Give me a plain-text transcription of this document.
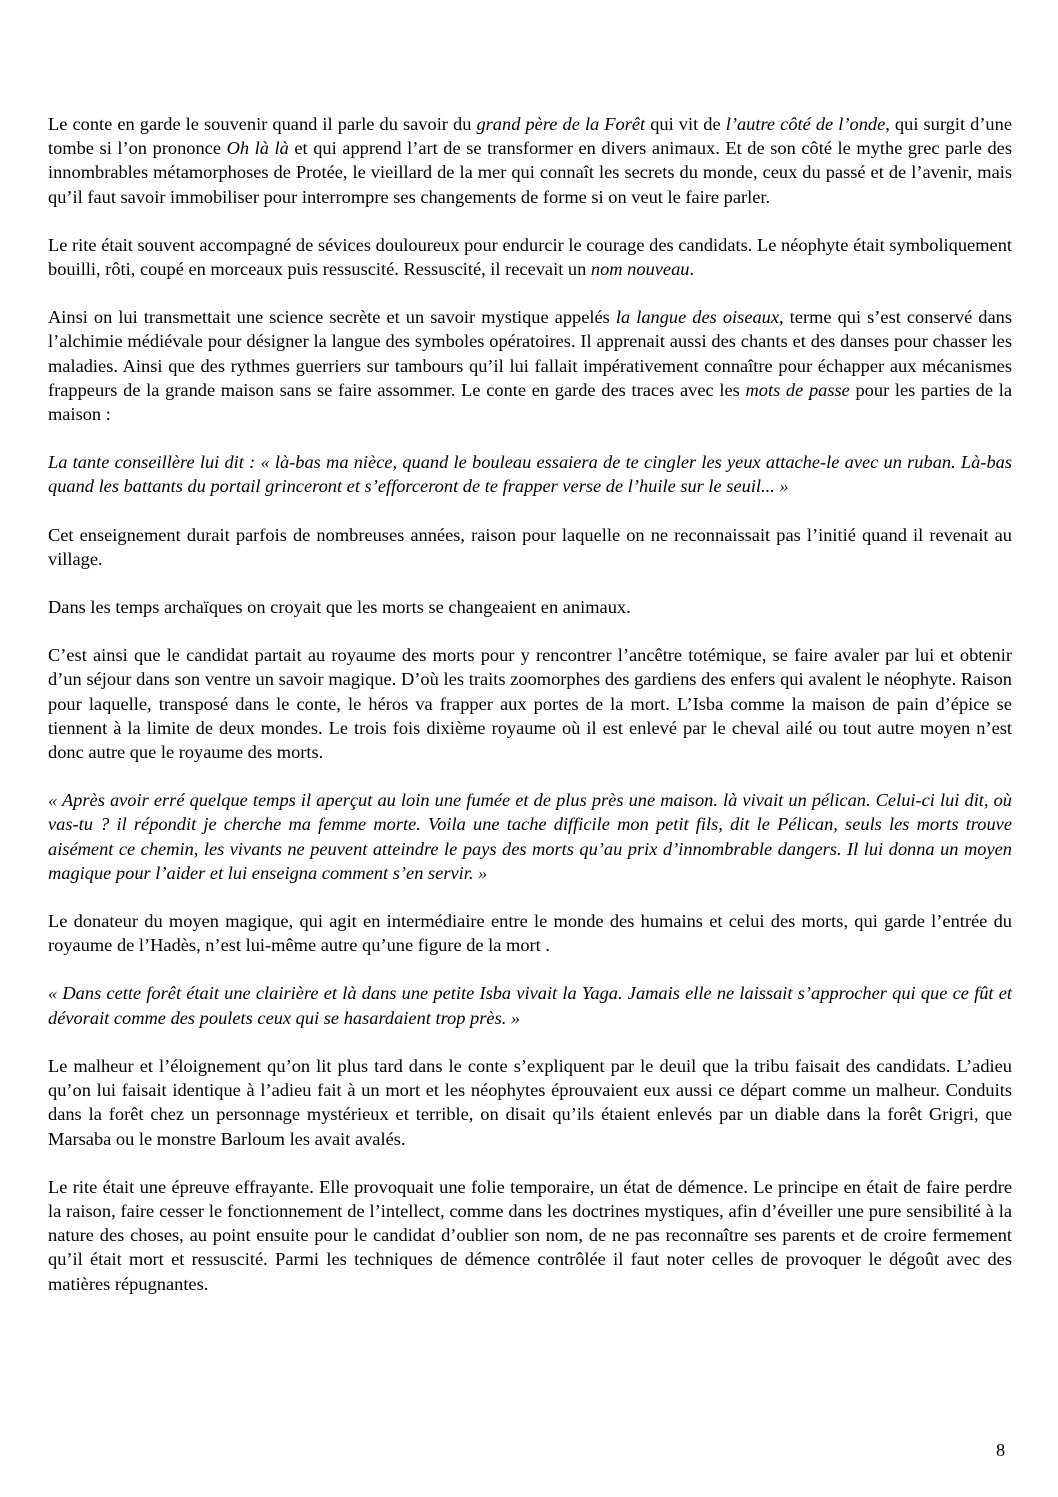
Le conte en garde le souvenir quand il parle du savoir du grand père de la Forêt qui vit de l’autre côté de l’onde, qui surgit d’une tombe si l’on prononce Oh là là et qui apprend l’art de se transformer en divers animaux. Et de son côté le mythe grec parle des innombrables métamorphoses de Protée, le vieillard de la mer qui connaît les secrets du monde, ceux du passé et de l’avenir, mais qu’il faut savoir immobiliser pour interrompre ses changements de forme si on veut le faire parler.

Le rite était souvent accompagné de sévices douloureux pour endurcir le courage des candidats. Le néophyte était symboliquement bouilli, rôti, coupé en morceaux puis ressuscité. Ressuscité, il recevait un nom nouveau.

Ainsi on lui transmettait une science secrète et un savoir mystique appelés la langue des oiseaux, terme qui s’est conservé dans l’alchimie médiévale pour désigner la langue des symboles opératoires. Il apprenait aussi des chants et des danses pour chasser les maladies. Ainsi que des rythmes guerriers sur tambours qu’il lui fallait impérativement connaître pour échapper aux mécanismes frappeurs de la grande maison sans se faire assommer. Le conte en garde des traces avec les mots de passe pour les parties de la maison :

La tante conseillère lui dit : « là-bas ma nièce, quand le bouleau essaiera de te cingler les yeux attache-le avec un ruban. Là-bas quand les battants du portail grinceront et s’efforceront de te frapper verse de l’huile sur le seuil... »

Cet enseignement durait parfois de nombreuses années, raison pour laquelle on ne reconnaissait pas l’initié quand il revenait au village.

Dans les temps archaïques on croyait que les morts se changeaient en animaux.

C’est ainsi que le candidat partait au royaume des morts pour y rencontrer l’ancêtre totémique, se faire avaler par lui et obtenir d’un séjour dans son ventre un savoir magique. D’où les traits zoomorphes des gardiens des enfers qui avalent le néophyte. Raison pour laquelle, transposé dans le conte, le héros va frapper aux portes de la mort. L’Isba comme la maison de pain d’épice se tiennent à la limite de deux mondes. Le trois fois dixième royaume où il est enlevé par le cheval ailé ou tout autre moyen n’est donc autre que le royaume des morts.

« Après avoir erré quelque temps il aperçut au loin une fumée et de plus près une maison. là vivait un pélican. Celui-ci lui dit, où vas-tu ? il répondit je cherche ma femme morte. Voila une tache difficile mon petit fils, dit le Pélican, seuls les morts trouve aisément ce chemin, les vivants ne peuvent atteindre le pays des morts qu’au prix d’innombrable dangers. Il lui donna un moyen magique pour l’aider et lui enseigna comment s’en servir. »

Le donateur du moyen magique, qui agit en intermédiaire entre le monde des humains et celui des morts, qui garde l’entrée du royaume de l’Hadès, n’est lui-même autre qu’une figure de la mort .

« Dans cette forêt était une clairière et là dans une petite Isba vivait la Yaga. Jamais elle ne laissait s’approcher qui que ce fût et dévorait comme des poulets ceux qui se hasardaient trop près. »

Le malheur et l’éloignement qu’on lit plus tard dans le conte s’expliquent par le deuil que la tribu faisait des candidats. L’adieu qu’on lui faisait identique à l’adieu fait à un mort et les néophytes éprouvaient eux aussi ce départ comme un malheur. Conduits dans la forêt chez un personnage mystérieux et terrible, on disait qu’ils étaient enlevés par un diable dans la forêt Grigri, que Marsaba ou le monstre Barloum les avait avalés.

Le rite était une épreuve effrayante. Elle provoquait une folie temporaire, un état de démence. Le principe en était de faire perdre la raison, faire cesser le fonctionnement de l’intellect, comme dans les doctrines mystiques, afin d’éveiller une pure sensibilité à la nature des choses, au point ensuite pour le candidat d’oublier son nom, de ne pas reconnaître ses parents et de croire fermement qu’il était mort et ressuscité. Parmi les techniques de démence contrôlée il faut noter celles de provoquer le dégoût avec des matières répugnantes.

8
